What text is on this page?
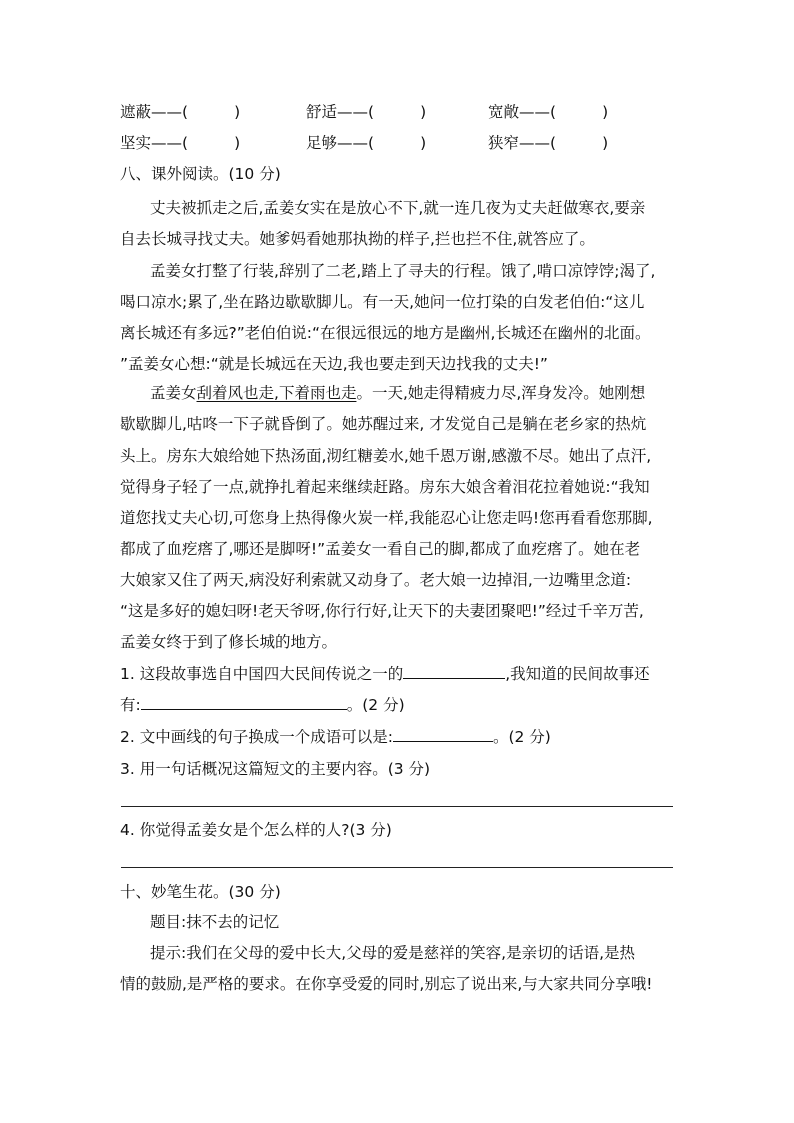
遮蔽——(	)	舒适——(	)	宽敞——(	)
坚实——(	)	足够——(	)	狭窄——(	)
八、课外阅读。(10 分)
丈夫被抓走之后,孟姜女实在是放心不下,就一连几夜为丈夫赶做寒衣,要亲
自去长城寻找丈夫。她爹妈看她那执拗的样子,拦也拦不住,就答应了。
孟姜女打整了行装,辞别了二老,踏上了寻夫的行程。饿了,啃口凉饽饽;渴了,
喝口凉水;累了,坐在路边歇歇脚儿。有一天,她问一位打染的白发老伯伯:“这儿
离长城还有多远?”老伯伯说:“在很远很远的地方是幽州,长城还在幽州的北面。
”孟姜女心想:“就是长城远在天边,我也要走到天边找我的丈夫!”
孟姜女刮着风也走,下着雨也走。一天,她走得精疲力尽,浑身发冷。她刚想
歇歇脚儿,咕咚一下子就昏倒了。她苏醒过来, 才发觉自己是躺在老乡家的热炕
头上。房东大娘给她下热汤面,沏红糖姜水,她千恩万谢,感激不尽。她出了点汗,
觉得身子轻了一点,就挣扎着起来继续赶路。房东大娘含着泪花拉着她说:“我知
道您找丈夫心切,可您身上热得像火炭一样,我能忍心让您走吗!您再看看您那脚,
都成了血疙瘩了,哪还是脚呀!”孟姜女一看自己的脚,都成了血疙瘩了。她在老
大娘家又住了两天,病没好利索就又动身了。老大娘一边掉泪,一边嘴里念道:
“这是多好的媳妇呀!老天爷呀,你行行好,让天下的夫妻团聚吧!”经过千辛万苦,
孟姜女终于到了修长城的地方。
1. 这段故事选自中国四大民间传说之一的	,我知道的民间故事还
有:	。(2 分)
2. 文中画线的句子换成一个成语可以是:	。(2 分)
3. 用一句话概况这篇短文的主要内容。(3 分)
4. 你觉得孟姜女是个怎么样的人?(3 分)
十、妙笔生花。(30 分)
题目:抹不去的记忆
提示:我们在父母的爱中长大,父母的爱是慈祥的笑容,是亲切的话语,是热
情的鼓励,是严格的要求。在你享受爱的同时,别忘了说出来,与大家共同分享哦!
